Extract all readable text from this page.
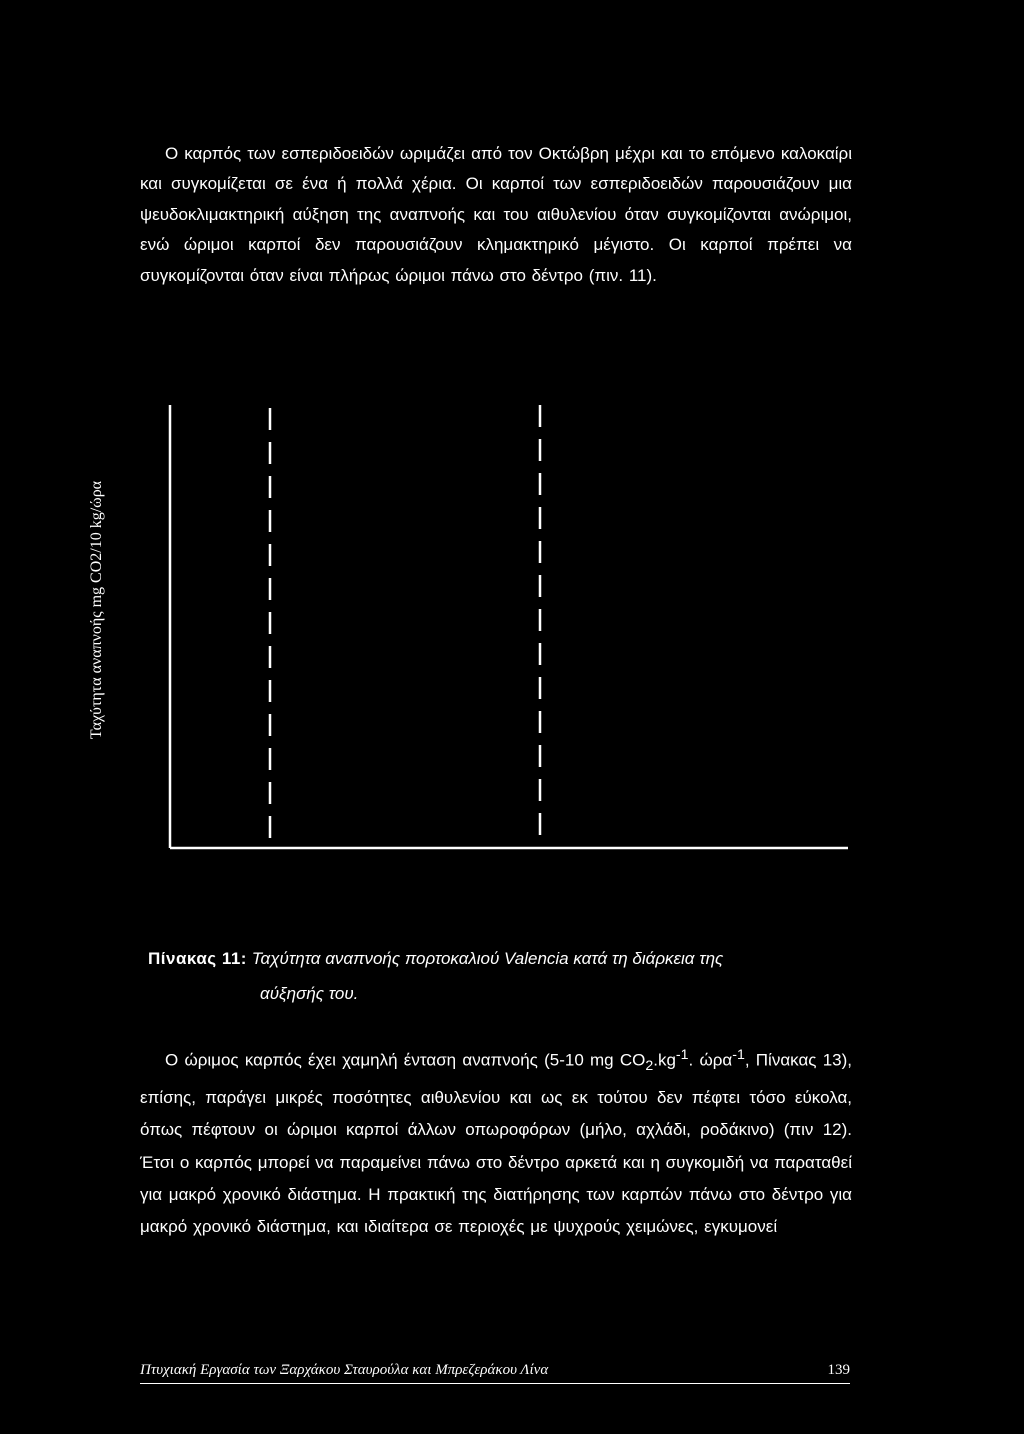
Ο καρπός των εσπεριδοειδών ωριμάζει από τον Οκτώβρη μέχρι και το επόμενο καλοκαίρι και συγκομίζεται σε ένα ή πολλά χέρια. Οι καρποί των εσπεριδοειδών παρουσιάζουν μια ψευδοκλιμακτηρική αύξηση της αναπνοής και του αιθυλενίου όταν συγκομίζονται ανώριμοι, ενώ ώριμοι καρποί δεν παρουσιάζουν κλημακτηρικό μέγιστο. Οι καρποί πρέπει να συγκομίζονται όταν είναι πλήρως ώριμοι πάνω στο δέντρο (πιν. 11).

Ταχύτητα αναπνοής mg CO2/10 kg/ώρα

Πίνακας 11: Ταχύτητα αναπνοής πορτοκαλιού Valencia κατά τη διάρκεια της
αύξησής του.

Ο ώριμος καρπός έχει χαμηλή ένταση αναπνοής (5-10 mg $CO_2.kg^{-1}$. ώρα$^{-1}$, Πίνακας 13), επίσης, παράγει μικρές ποσότητες αιθυλενίου και ως εκ τούτου δεν πέφτει τόσο εύκολα, όπως πέφτουν οι ώριμοι καρποί άλλων οπωροφόρων (μήλο, αχλάδι, ροδάκινο) (πιν 12). Έτσι ο καρπός μπορεί να παραμείνει πάνω στο δέντρο αρκετά και η συγκομιδή να παραταθεί για μακρό χρονικό διάστημα. Η πρακτική της διατήρησης των καρπών πάνω στο δέντρο για μακρό χρονικό διάστημα, και ιδιαίτερα σε περιοχές με ψυχρούς χειμώνες, εγκυμονεί

Πτυχιακή Εργασία των Ξαρχάκου Σταυρούλα και Μπρεζεράκου Λίνα	139
